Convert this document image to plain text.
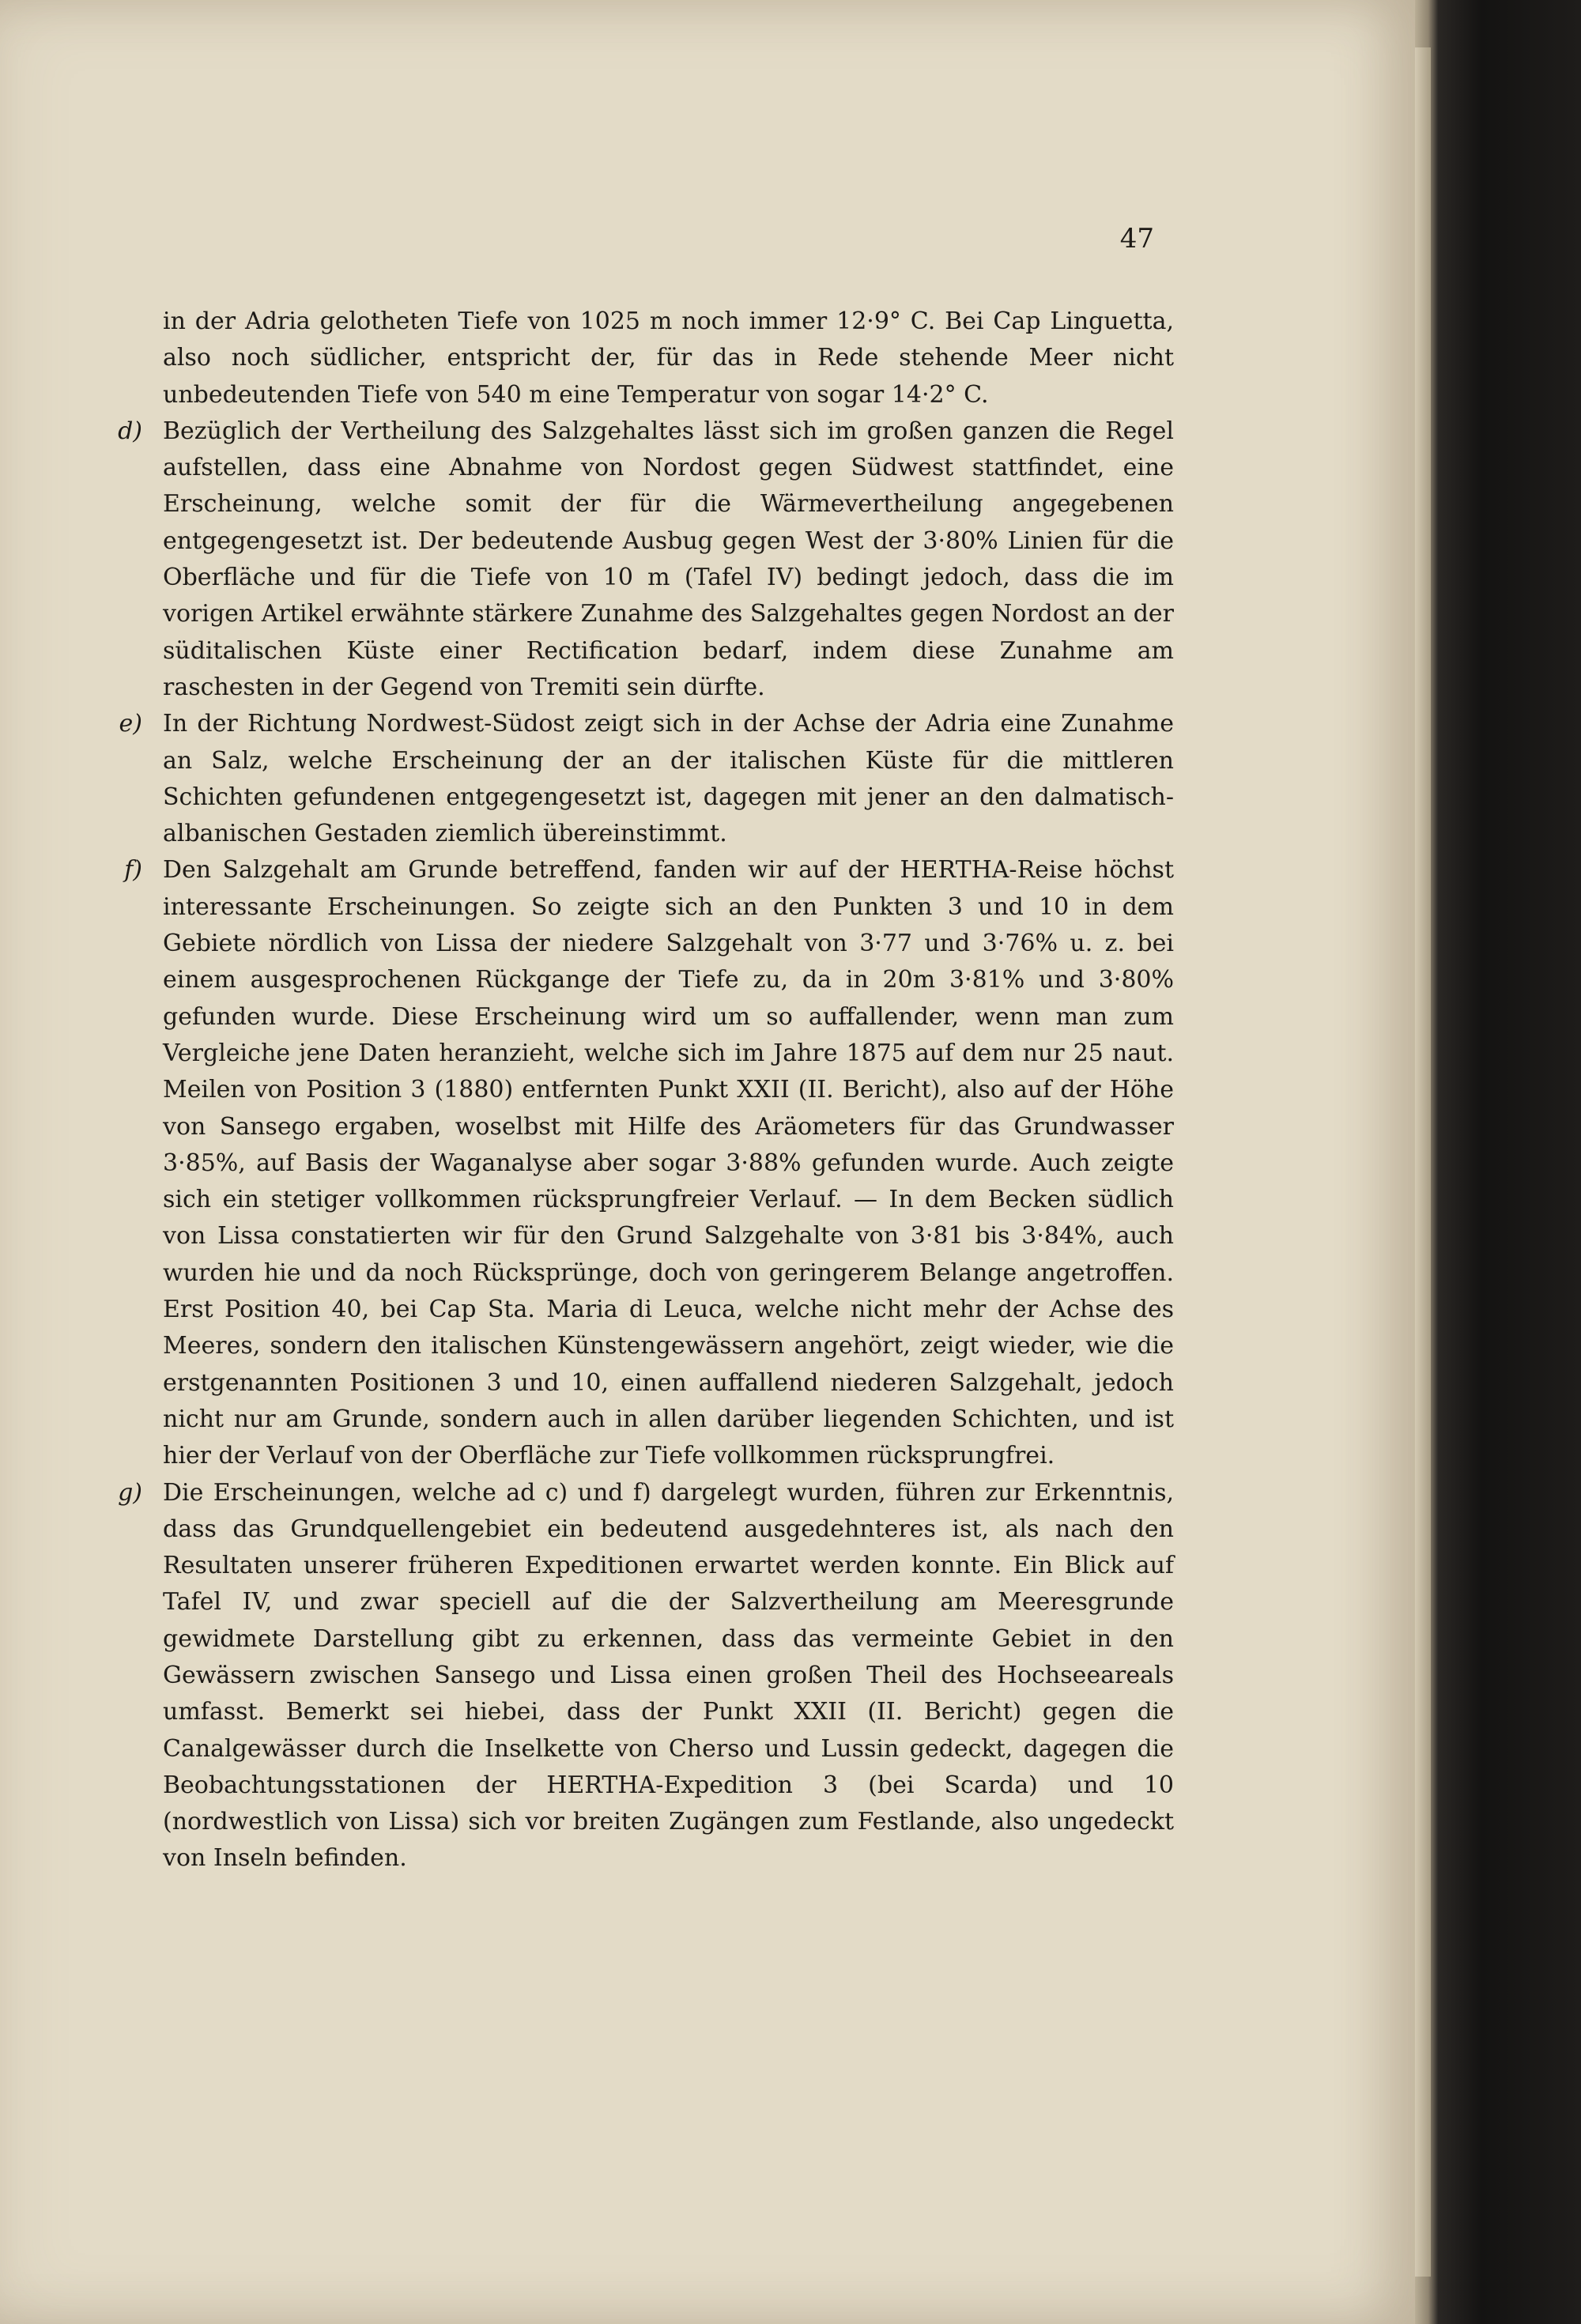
47

in der Adria gelotheten Tiefe von 1025 m noch immer 12·9° C. Bei Cap Linguetta, also noch südlicher, entspricht der, für das in Rede stehende Meer nicht unbedeutenden Tiefe von 540 m eine Temperatur von sogar 14·2° C.

d) Bezüglich der Vertheilung des Salzgehaltes lässt sich im großen ganzen die Regel aufstellen, dass eine Abnahme von Nordost gegen Südwest stattfindet, eine Erscheinung, welche somit der für die Wärmevertheilung angegebenen entgegengesetzt ist. Der bedeutende Ausbug gegen West der 3·80% Linien für die Oberfläche und für die Tiefe von 10 m (Tafel IV) bedingt jedoch, dass die im vorigen Artikel erwähnte stärkere Zunahme des Salzgehaltes gegen Nordost an der süditalischen Küste einer Rectification bedarf, indem diese Zunahme am raschesten in der Gegend von Tremiti sein dürfte.

e) In der Richtung Nordwest-Südost zeigt sich in der Achse der Adria eine Zunahme an Salz, welche Erscheinung der an der italischen Küste für die mittleren Schichten gefundenen entgegengesetzt ist, dagegen mit jener an den dalmatisch-albanischen Gestaden ziemlich übereinstimmt.

f) Den Salzgehalt am Grunde betreffend, fanden wir auf der HERTHA-Reise höchst interessante Erscheinungen. So zeigte sich an den Punkten 3 und 10 in dem Gebiete nördlich von Lissa der niedere Salzgehalt von 3·77 und 3·76% u. z. bei einem ausgesprochenen Rückgange der Tiefe zu, da in 20m 3·81% und 3·80% gefunden wurde. Diese Erscheinung wird um so auffallender, wenn man zum Vergleiche jene Daten heranzieht, welche sich im Jahre 1875 auf dem nur 25 naut. Meilen von Position 3 (1880) entfernten Punkt XXII (II. Bericht), also auf der Höhe von Sansego ergaben, woselbst mit Hilfe des Aräometers für das Grundwasser 3·85%, auf Basis der Waganalyse aber sogar 3·88% gefunden wurde. Auch zeigte sich ein stetiger vollkommen rücksprungfreier Verlauf. — In dem Becken südlich von Lissa constatierten wir für den Grund Salzgehalte von 3·81 bis 3·84%, auch wurden hie und da noch Rücksprünge, doch von geringerem Belange angetroffen. Erst Position 40, bei Cap Sta. Maria di Leuca, welche nicht mehr der Achse des Meeres, sondern den italischen Künstengewässern angehört, zeigt wieder, wie die erstgenannten Positionen 3 und 10, einen auffallend niederen Salzgehalt, jedoch nicht nur am Grunde, sondern auch in allen darüber liegenden Schichten, und ist hier der Verlauf von der Oberfläche zur Tiefe vollkommen rücksprungfrei.

g) Die Erscheinungen, welche ad c) und f) dargelegt wurden, führen zur Erkenntnis, dass das Grundquellengebiet ein bedeutend ausgedehnteres ist, als nach den Resultaten unserer früheren Expeditionen erwartet werden konnte. Ein Blick auf Tafel IV, und zwar speciell auf die der Salzvertheilung am Meeresgrunde gewidmete Darstellung gibt zu erkennen, dass das vermeinte Gebiet in den Gewässern zwischen Sansego und Lissa einen großen Theil des Hochseeareals umfasst. Bemerkt sei hiebei, dass der Punkt XXII (II. Bericht) gegen die Canalgewässer durch die Inselkette von Cherso und Lussin gedeckt, dagegen die Beobachtungsstationen der HERTHA-Expedition 3 (bei Scarda) und 10 (nordwestlich von Lissa) sich vor breiten Zugängen zum Festlande, also ungedeckt von Inseln befinden.
